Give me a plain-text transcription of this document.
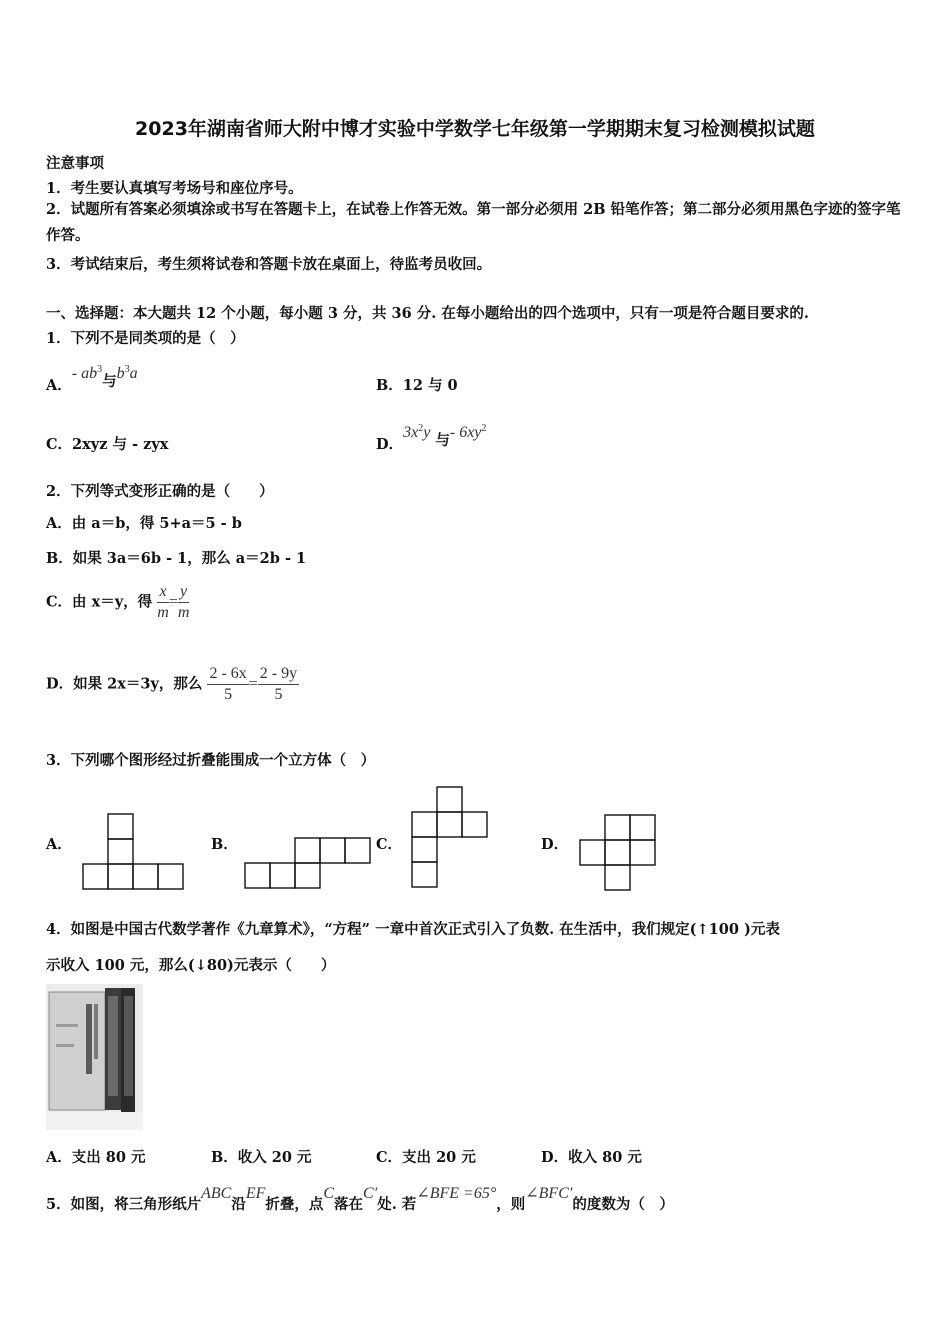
2023年湖南省师大附中博才实验中学数学七年级第一学期期末复习检测模拟试题
注意事项
1．考生要认真填写考场号和座位序号。
2．试题所有答案必须填涂或书写在答题卡上，在试卷上作答无效。第一部分必须用 2B 铅笔作答；第二部分必须用黑色字迹的签字笔作答。
3．考试结束后，考生须将试卷和答题卡放在桌面上，待监考员收回。
一、选择题：本大题共 12 个小题，每小题 3 分，共 36 分. 在每小题给出的四个选项中，只有一项是符合题目要求的.
1．下列不是同类项的是（　）
A．- $ab^3$与$b^3a$
B．12 与 0
C．2xyz 与 - zyx	D．$3x^2y$ 与- $6xy^2$
2．下列等式变形正确的是（　　）
A．由 a＝b，得 5+a＝5 - b
B．如果 3a＝6b - 1，那么 a＝2b - 1
C．由 x＝y，得 $\frac{x}{m} = \frac{y}{m}$
D．如果 2x＝3y，那么 $\frac{2 - 6x}{5} = \frac{2 - 9y}{5}$
3．下列哪个图形经过折叠能围成一个立方体（　）
A．	B．	C．	D．
4．如图是中国古代数学著作《九章算术》，“方程” 一章中首次正式引入了负数. 在生活中，我们规定(↑100 )元表
示收入 100 元，那么(↓80)元表示（　　）
A．支出 80 元	B．收入 20 元	C．支出 20 元	D．收入 80 元
5．如图，将三角形纸片ABC沿EF折叠，点C落在C′处. 若∠BFE =65°，则∠BFC′的度数为（　）
